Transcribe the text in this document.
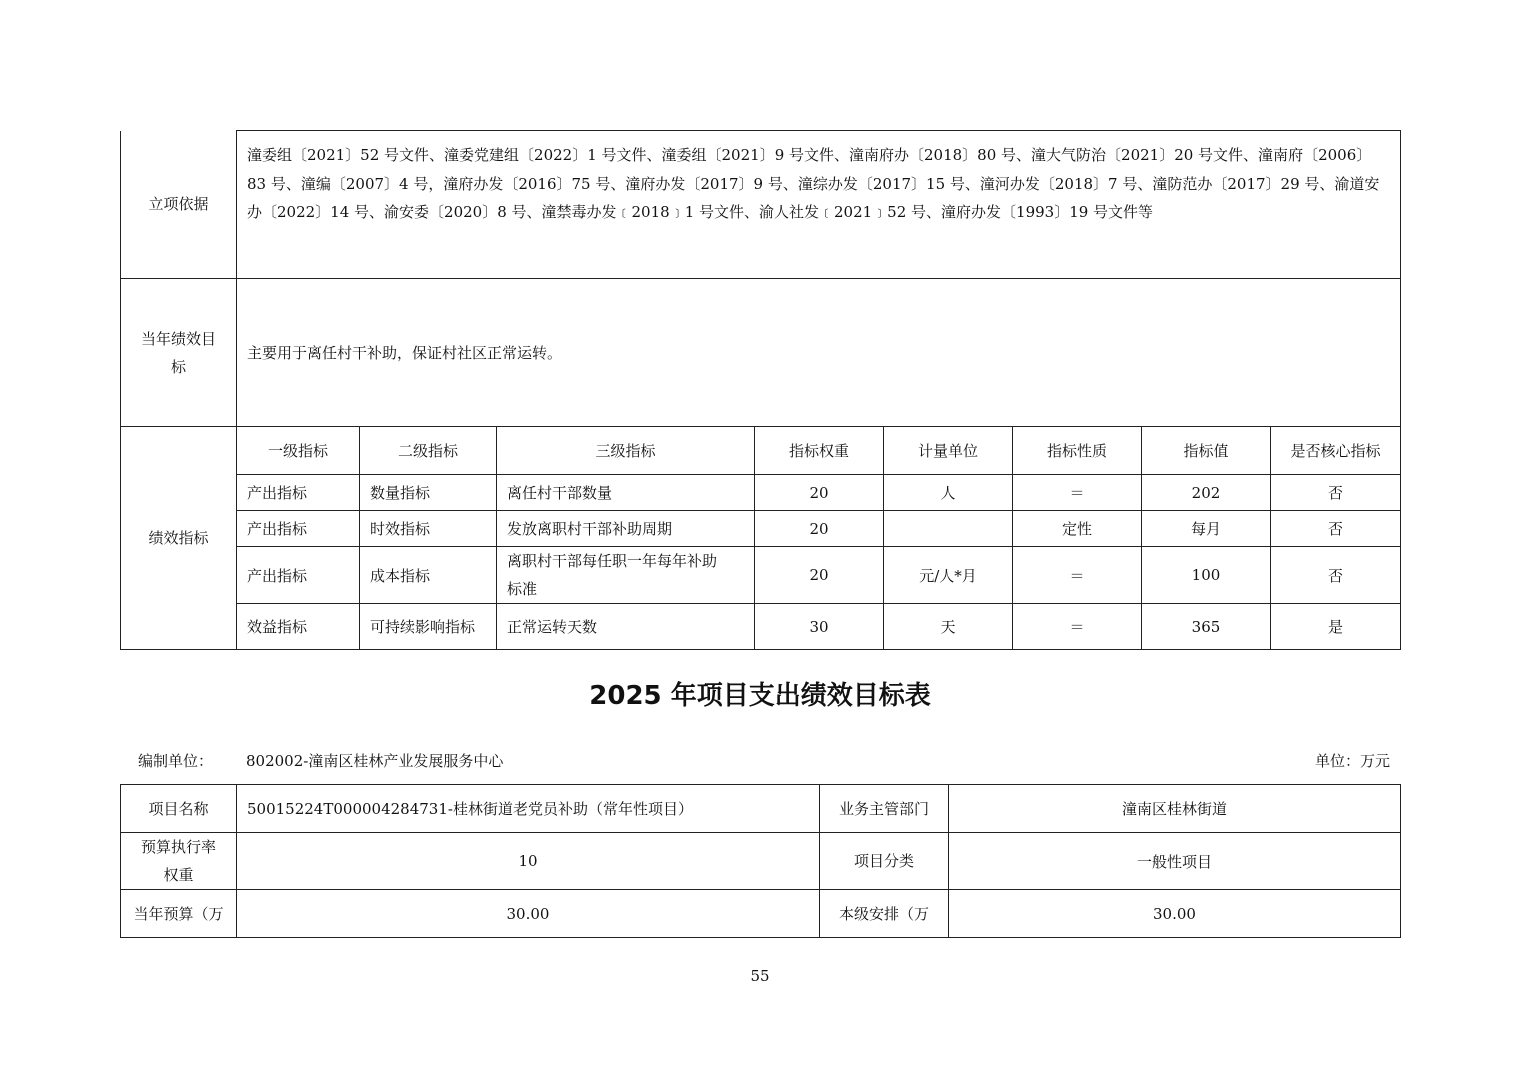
立项依据	潼委组〔2021〕52 号文件、潼委党建组〔2022〕1 号文件、潼委组〔2021〕9 号文件、潼南府办〔2018〕80 号、潼大气防治〔2021〕20 号文件、潼南府〔2006〕83 号、潼编〔2007〕4 号，潼府办发〔2016〕75 号、潼府办发〔2017〕9 号、潼综办发〔2017〕15 号、潼河办发〔2018〕7 号、潼防范办〔2017〕29 号、渝道安办〔2022〕14 号、渝安委〔2020〕8 号、潼禁毒办发﹝2018﹞1 号文件、渝人社发﹝2021﹞52 号、潼府办发〔1993〕19 号文件等							

当年绩效目
标	主要用于离任村干补助，保证村社区正常运转。							
绩效指标	一级指标	二级指标	三级指标	指标权重	计量单位	指标性质	指标值	是否核心指标
	产出指标	数量指标	离任村干部数量	20	人	＝	202	否
	产出指标	时效指标	发放离职村干部补助周期	20		定性	每月	否
	产出指标	成本指标	离职村干部每任职一年每年补助
标准	20	元/人*月	＝	100	否
	效益指标	可持续影响指标	正常运转天数	30	天	＝	365	是
2025 年项目支出绩效目标表
编制单位： 802002-潼南区桂林产业发展服务中心	单位：万元
项目名称	50015224T000004284731-桂林街道老党员补助（常年性项目）	业务主管部门	潼南区桂林街道

预算执行率
权重	10	项目分类	一般性项目
当年预算（万	30.00	本级安排（万	30.00
55
